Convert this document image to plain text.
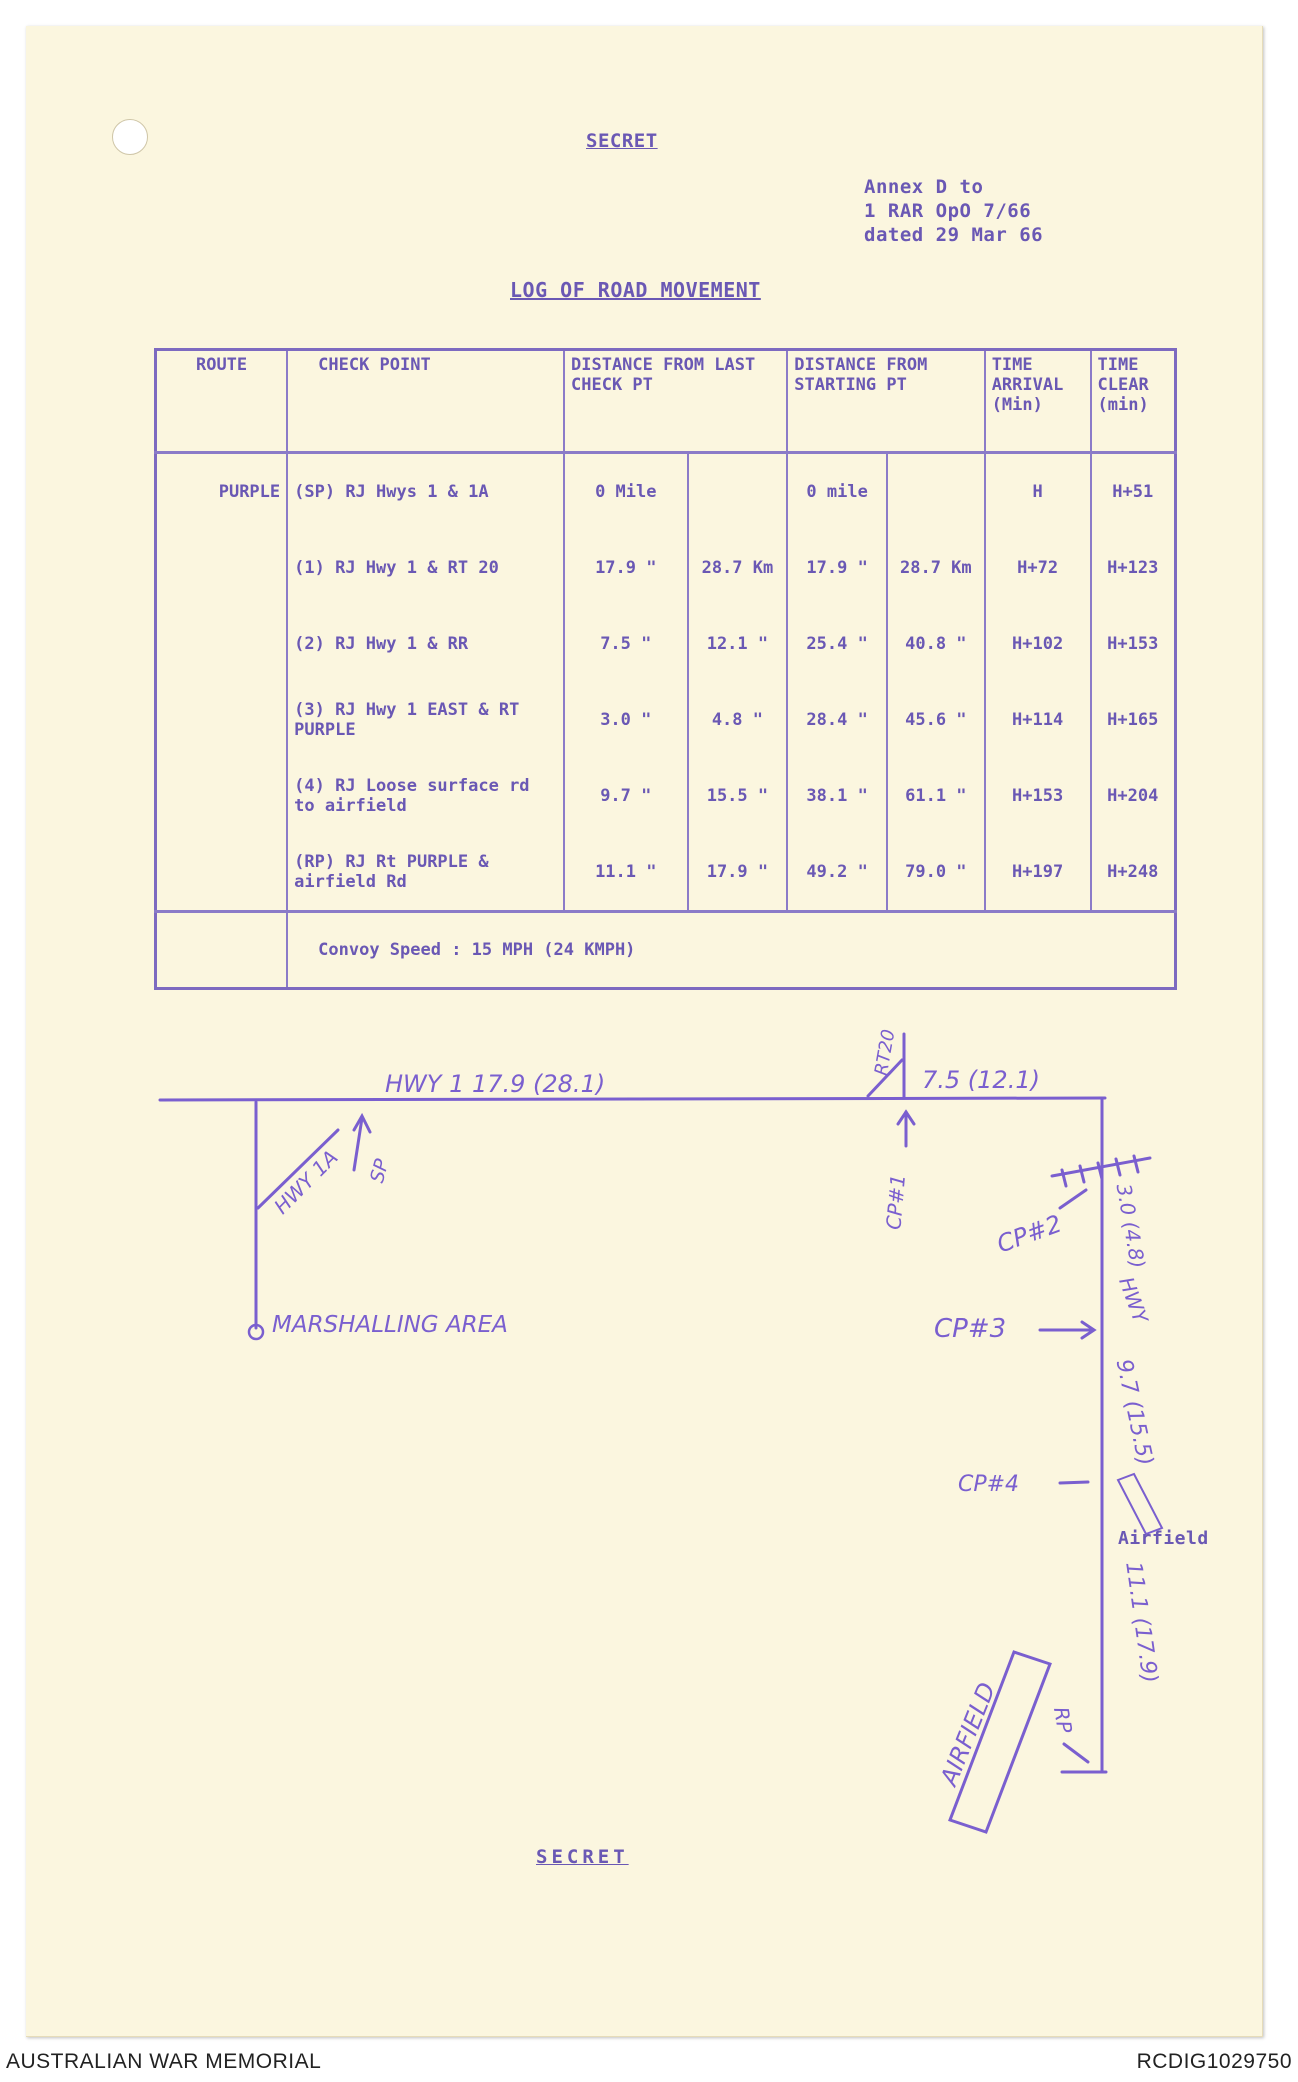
SECRET
Annex D to
1 RAR OpO 7/66
dated 29 Mar 66
LOG OF ROAD MOVEMENT
ROUTE	CHECK POINT	DISTANCE FROM LAST CHECK PT		DISTANCE FROM STARTING PT		TIME ARRIVAL (Min)	TIME CLEAR (min)
PURPLE	(SP) RJ Hwys 1 & 1A	0 Mile		0 mile		H	H+51
	(1) RJ Hwy 1 & RT 20	17.9 "	28.7 Km	17.9 "	28.7 Km	H+72	H+123
	(2) RJ Hwy 1 & RR	7.5 "	12.1 "	25.4 "	40.8 "	H+102	H+153
	(3) RJ Hwy 1 EAST & RT PURPLE	3.0 "	4.8 "	28.4 "	45.6 "	H+114	H+165
	(4) RJ Loose surface rd to airfield	9.7 "	15.5 "	38.1 "	61.1 "	H+153	H+204
	(RP) RJ Rt PURPLE & airfield Rd	11.1 "	17.9 "	49.2 "	79.0 "	H+197	H+248
	Convoy Speed : 15 MPH (24 KMPH)						
HWY 1 17.9 (28.1)	7.5 (12.1)
RT20
HWY 1A SP
CP#1
CP#2 3.0 (4.8)
HWY
CP#3
9.7 (15.5)
CP#4
Airfield
11.1 (17.9)
AIRFIELD RP
MARSHALLING AREA
SECRET
AUSTRALIAN WAR MEMORIAL	RCDIG1029750
